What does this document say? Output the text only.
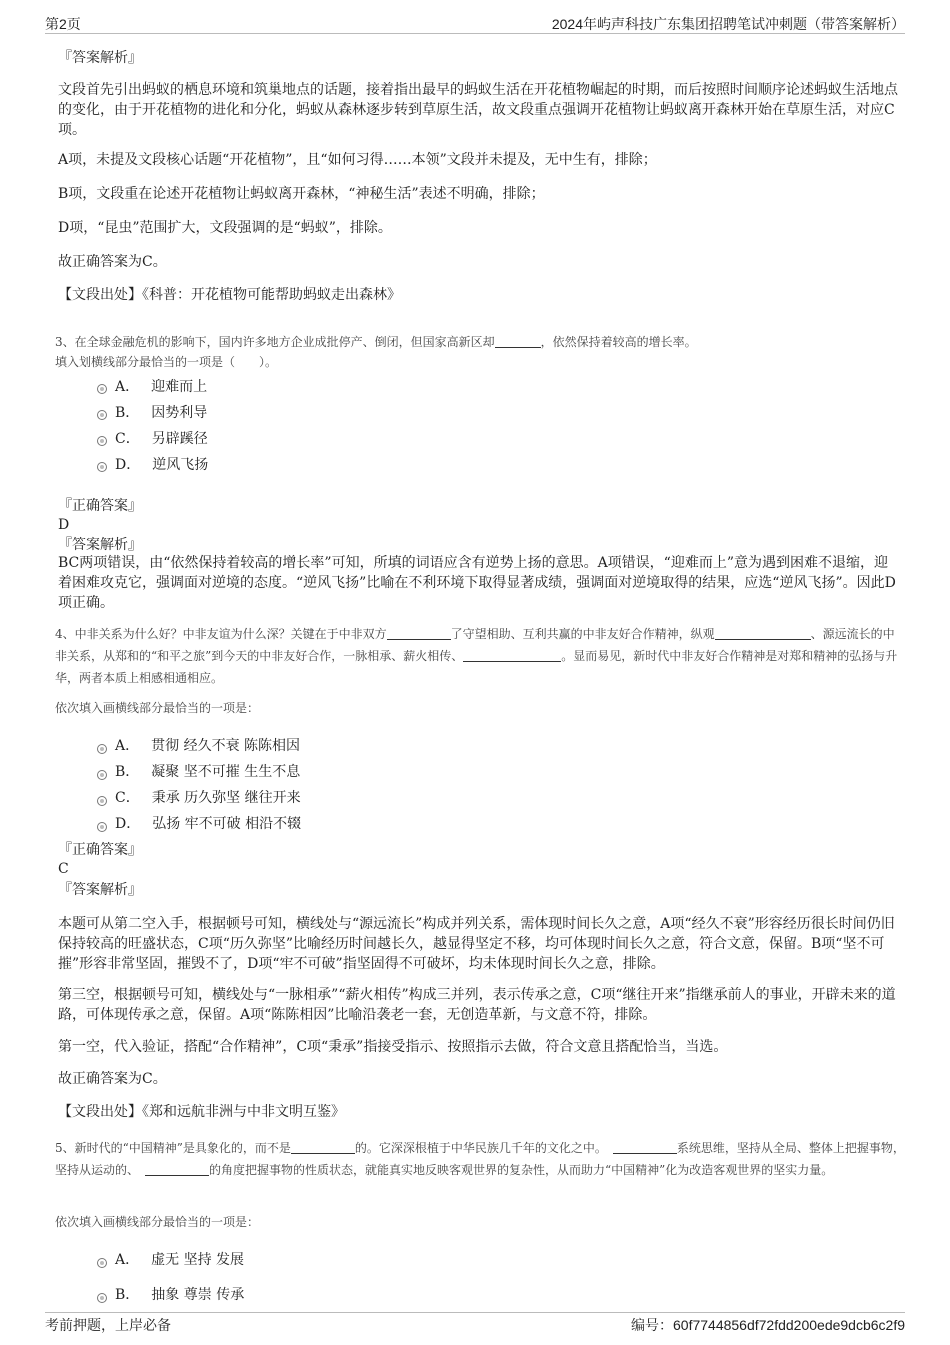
第2页	2024年屿声科技广东集团招聘笔试冲刺题（带答案解析）
『答案解析』

文段首先引出蚂蚁的栖息环境和筑巢地点的话题，接着指出最早的蚂蚁生活在开花植物崛起的时期，而后按照时间顺序论述蚂蚁生活地点的变化，由于开花植物的进化和分化，蚂蚁从森林逐步转到草原生活，故文段重点强调开花植物让蚂蚁离开森林开始在草原生活，对应C项。

A项，未提及文段核心话题“开花植物”，且“如何习得……本领”文段并未提及，无中生有，排除；

B项，文段重在论述开花植物让蚂蚁离开森林，“神秘生活”表述不明确，排除；

D项，“昆虫”范围扩大，文段强调的是“蚂蚁”，排除。

故正确答案为C。

【文段出处】《科普：开花植物可能帮助蚂蚁走出森林》

3、在全球金融危机的影响下，国内许多地方企业成批停产、倒闭，但国家高新区却	，依然保持着较高的增长率。
填入划横线部分最恰当的一项是（　　）。
A． 迎难而上
B． 因势利导
C． 另辟蹊径
D． 逆风飞扬
『正确答案』
D
『答案解析』

BC两项错误，由“依然保持着较高的增长率”可知，所填的词语应含有逆势上扬的意思。A项错误，“迎难而上”意为遇到困难不退缩，迎着困难攻克它，强调面对逆境的态度。“逆风飞扬”比喻在不利环境下取得显著成绩，强调面对逆境取得的结果，应选“逆风飞扬”。因此D项正确。

4、中非关系为什么好？中非友谊为什么深？关键在于中非双方	了守望相助、互利共赢的中非友好合作精神，纵观	、源远流长的中非关系，从郑和的“和平之旅”到今天的中非友好合作，一脉相承、薪火相传、	。显而易见，新时代中非友好合作精神是对郑和精神的弘扬与升华，两者本质上相感相通相应。
依次填入画横线部分最恰当的一项是：
A． 贯彻 经久不衰 陈陈相因
B． 凝聚 坚不可摧 生生不息
C． 秉承 历久弥坚 继往开来
D． 弘扬 牢不可破 相沿不辍
『正确答案』
C
『答案解析』

本题可从第二空入手，根据顿号可知，横线处与“源远流长”构成并列关系，需体现时间长久之意，A项“经久不衰”形容经历很长时间仍旧保持较高的旺盛状态，C项“历久弥坚”比喻经历时间越长久，越显得坚定不移，均可体现时间长久之意，符合文意，保留。B项“坚不可摧”形容非常坚固，摧毁不了，D项“牢不可破”指坚固得不可破坏，均未体现时间长久之意，排除。

第三空，根据顿号可知，横线处与“一脉相承”“薪火相传”构成三并列，表示传承之意，C项“继往开来”指继承前人的事业，开辟未来的道路，可体现传承之意，保留。A项“陈陈相因”比喻沿袭老一套，无创造革新，与文意不符，排除。

第一空，代入验证，搭配“合作精神”，C项“秉承”指接受指示、按照指示去做，符合文意且搭配恰当，当选。

故正确答案为C。

【文段出处】《郑和远航非洲与中非文明互鉴》

5、新时代的“中国精神”是具象化的，而不是	的。它深深根植于中华民族几千年的文化之中。	系统思维，坚持从全局、整体上把握事物，坚持从运动的、	的角度把握事物的性质状态，就能真实地反映客观世界的复杂性，从而助力“中国精神”化为改造客观世界的坚实力量。
依次填入画横线部分最恰当的一项是：
A． 虚无 坚持 发展
B． 抽象 尊崇 传承
考前押题，上岸必备	编号：60f7744856df72fdd200ede9dcb6c2f9
